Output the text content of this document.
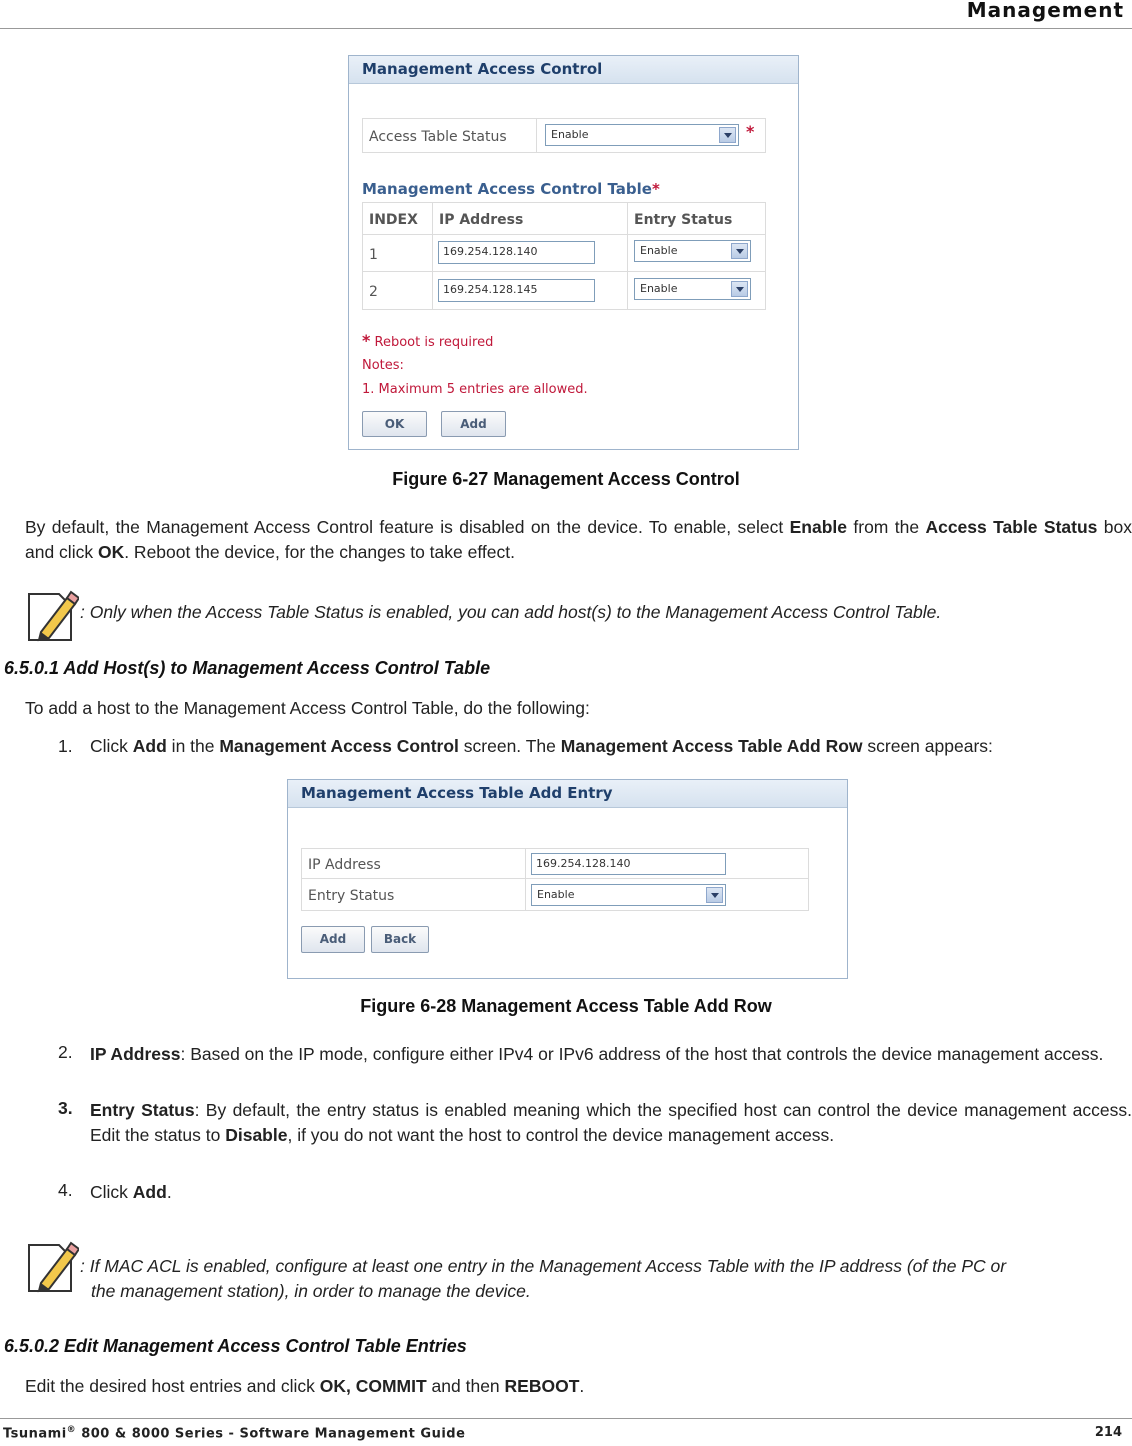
Management
Management Access Control
Access Table Status	Enable	*
Management Access Control Table*
INDEX	IP Address	Entry Status
1	169.254.128.140	Enable

2	169.254.128.145	Enable
* Reboot is required
Notes:
1. Maximum 5 entries are allowed.
OK	Add
Figure 6-27 Management Access Control
By default, the Management Access Control feature is disabled on the device. To enable, select Enable from the Access Table Status box and click OK. Reboot the device, for the changes to take effect.
: Only when the Access Table Status is enabled, you can add host(s) to the Management Access Control Table.
6.5.0.1 Add Host(s) to Management Access Control Table
To add a host to the Management Access Control Table, do the following:
1. Click Add in the Management Access Control screen. The Management Access Table Add Row screen appears:
Management Access Table Add Entry
IP Address	169.254.128.140

Entry Status	Enable
Add	Back
Figure 6-28 Management Access Table Add Row
2. IP Address: Based on the IP mode, configure either IPv4 or IPv6 address of the host that controls the device management access.
3. Entry Status: By default, the entry status is enabled meaning which the specified host can control the device management access. Edit the status to Disable, if you do not want the host to control the device management access.
4. Click Add.
: If MAC ACL is enabled, configure at least one entry in the Management Access Table with the IP address (of the PC or
the management station), in order to manage the device.
6.5.0.2 Edit Management Access Control Table Entries
Edit the desired host entries and click OK, COMMIT and then REBOOT.
Tsunami® 800 & 8000 Series - Software Management Guide	214
